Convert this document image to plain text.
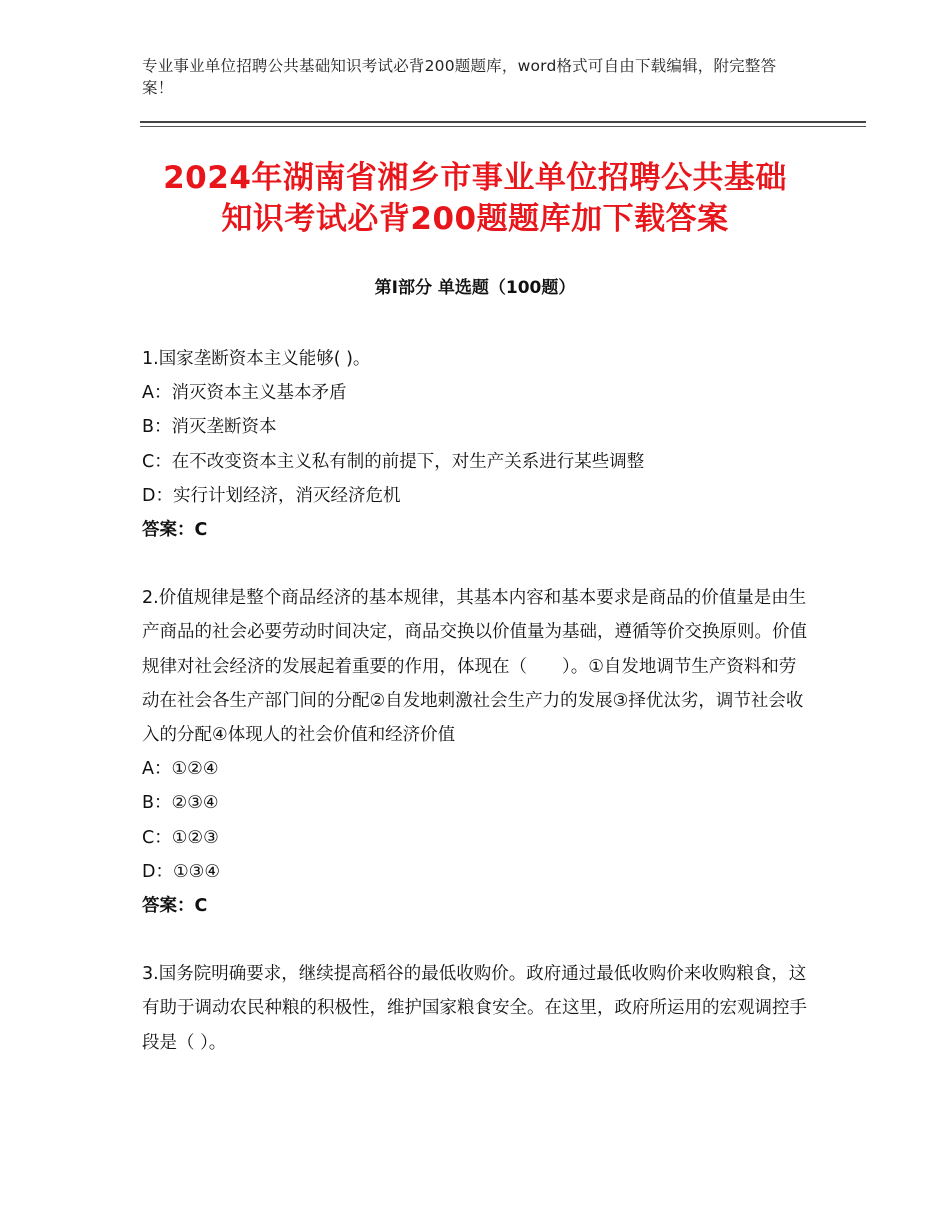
专业事业单位招聘公共基础知识考试必背200题题库，word格式可自由下载编辑，附完整答案！
2024年湖南省湘乡市事业单位招聘公共基础
知识考试必背200题题库加下载答案
第Ⅰ部分 单选题（100题）
1.国家垄断资本主义能够( )。
A：消灭资本主义基本矛盾
B：消灭垄断资本
C：在不改变资本主义私有制的前提下，对生产关系进行某些调整
D：实行计划经济，消灭经济危机
答案：C
2.价值规律是整个商品经济的基本规律，其基本内容和基本要求是商品的价值量是由生产商品的社会必要劳动时间决定，商品交换以价值量为基础，遵循等价交换原则。价值规律对社会经济的发展起着重要的作用，体现在（　　）。①自发地调节生产资料和劳动在社会各生产部门间的分配②自发地刺激社会生产力的发展③择优汰劣，调节社会收入的分配④体现人的社会价值和经济价值
A：①②④
B：②③④
C：①②③
D：①③④
答案：C
3.国务院明确要求，继续提高稻谷的最低收购价。政府通过最低收购价来收购粮食，这有助于调动农民种粮的积极性，维护国家粮食安全。在这里，政府所运用的宏观调控手段是（ ）。
